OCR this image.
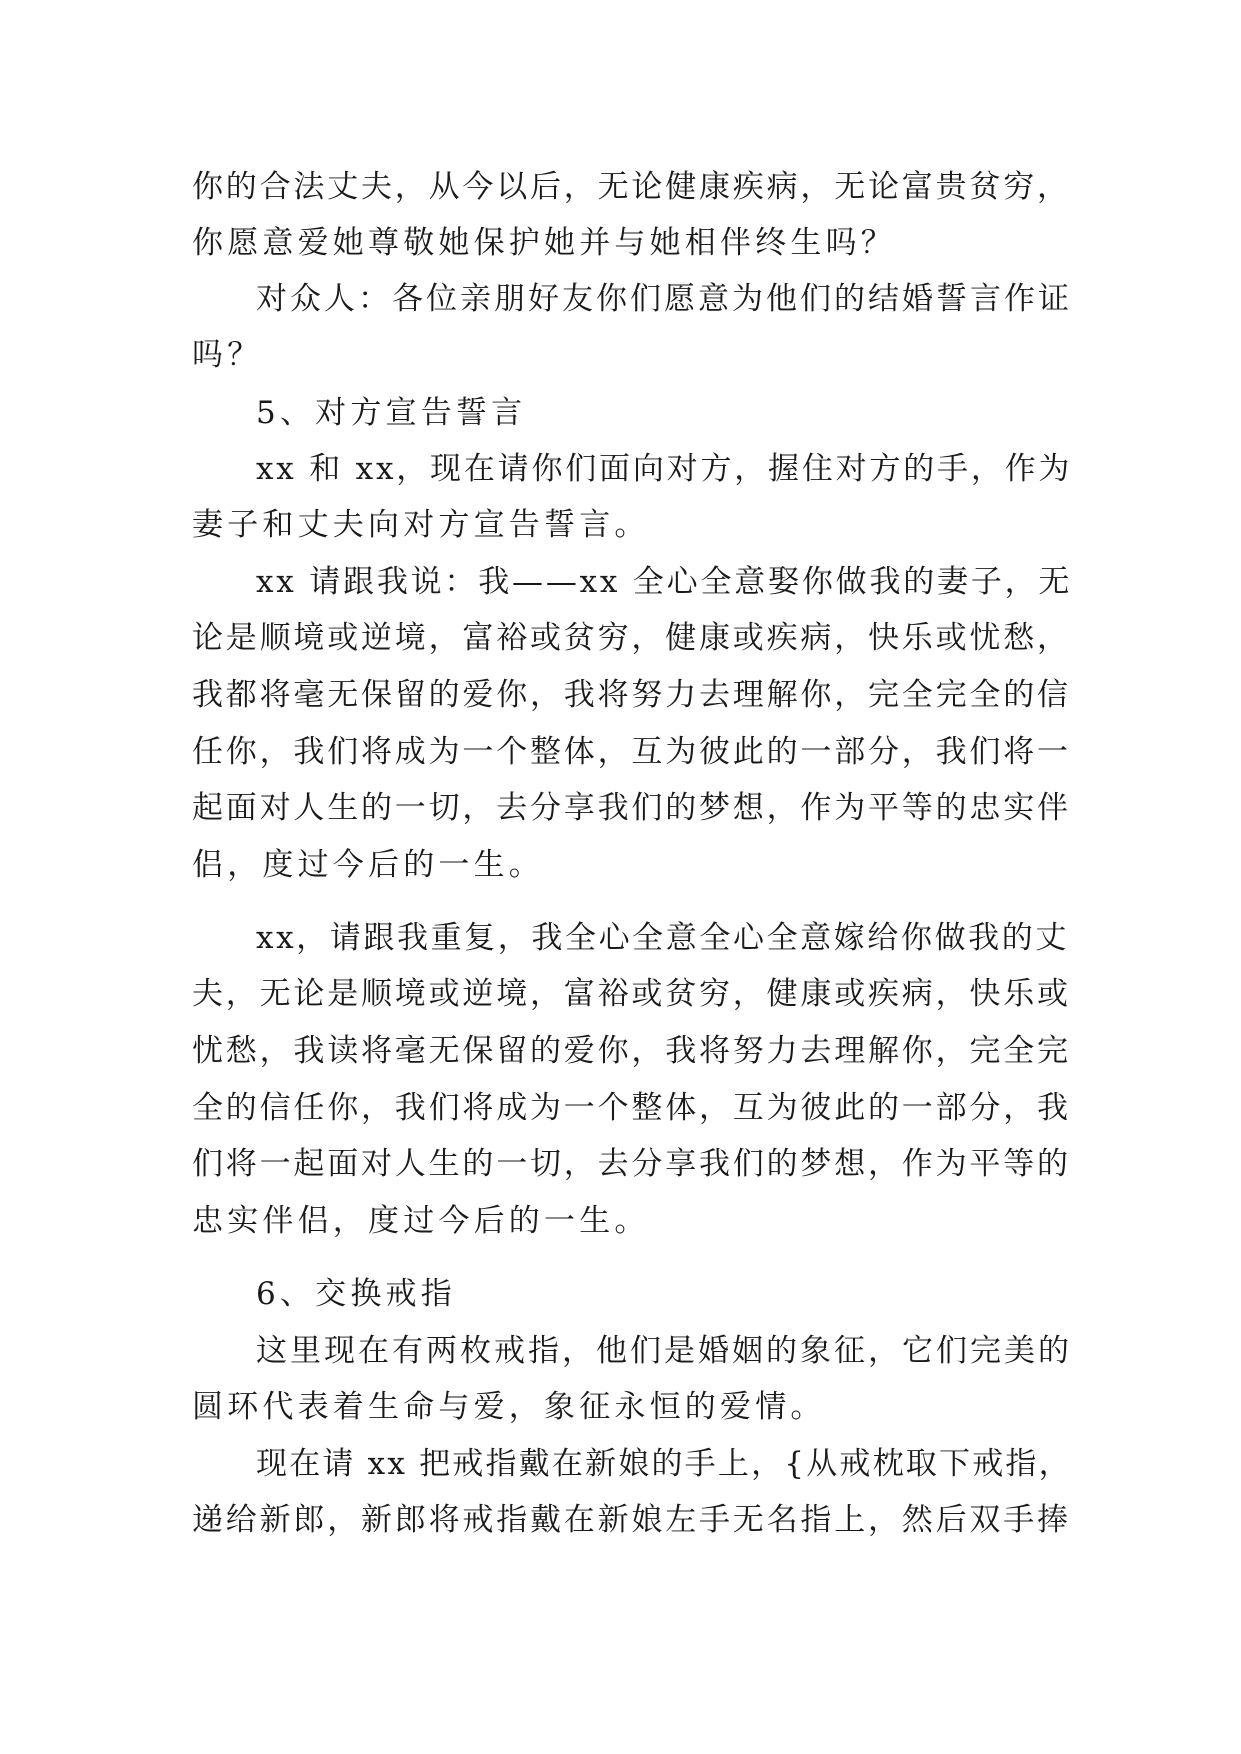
你的合法丈夫，从今以后，无论健康疾病，无论富贵贫穷，
你愿意爱她尊敬她保护她并与她相伴终生吗？
对众人：各位亲朋好友你们愿意为他们的结婚誓言作证
吗？
5、对方宣告誓言
xx 和 xx，现在请你们面向对方，握住对方的手，作为
妻子和丈夫向对方宣告誓言。
xx 请跟我说：我——xx 全心全意娶你做我的妻子，无
论是顺境或逆境，富裕或贫穷，健康或疾病，快乐或忧愁，
我都将毫无保留的爱你，我将努力去理解你，完全完全的信
任你，我们将成为一个整体，互为彼此的一部分，我们将一
起面对人生的一切，去分享我们的梦想，作为平等的忠实伴
侣，度过今后的一生。
xx，请跟我重复，我全心全意全心全意嫁给你做我的丈
夫，无论是顺境或逆境，富裕或贫穷，健康或疾病，快乐或
忧愁，我读将毫无保留的爱你，我将努力去理解你，完全完
全的信任你，我们将成为一个整体，互为彼此的一部分，我
们将一起面对人生的一切，去分享我们的梦想，作为平等的
忠实伴侣，度过今后的一生。
6、交换戒指
这里现在有两枚戒指，他们是婚姻的象征，它们完美的
圆环代表着生命与爱，象征永恒的爱情。
现在请 xx 把戒指戴在新娘的手上，{从戒枕取下戒指，
递给新郎，新郎将戒指戴在新娘左手无名指上，然后双手捧
